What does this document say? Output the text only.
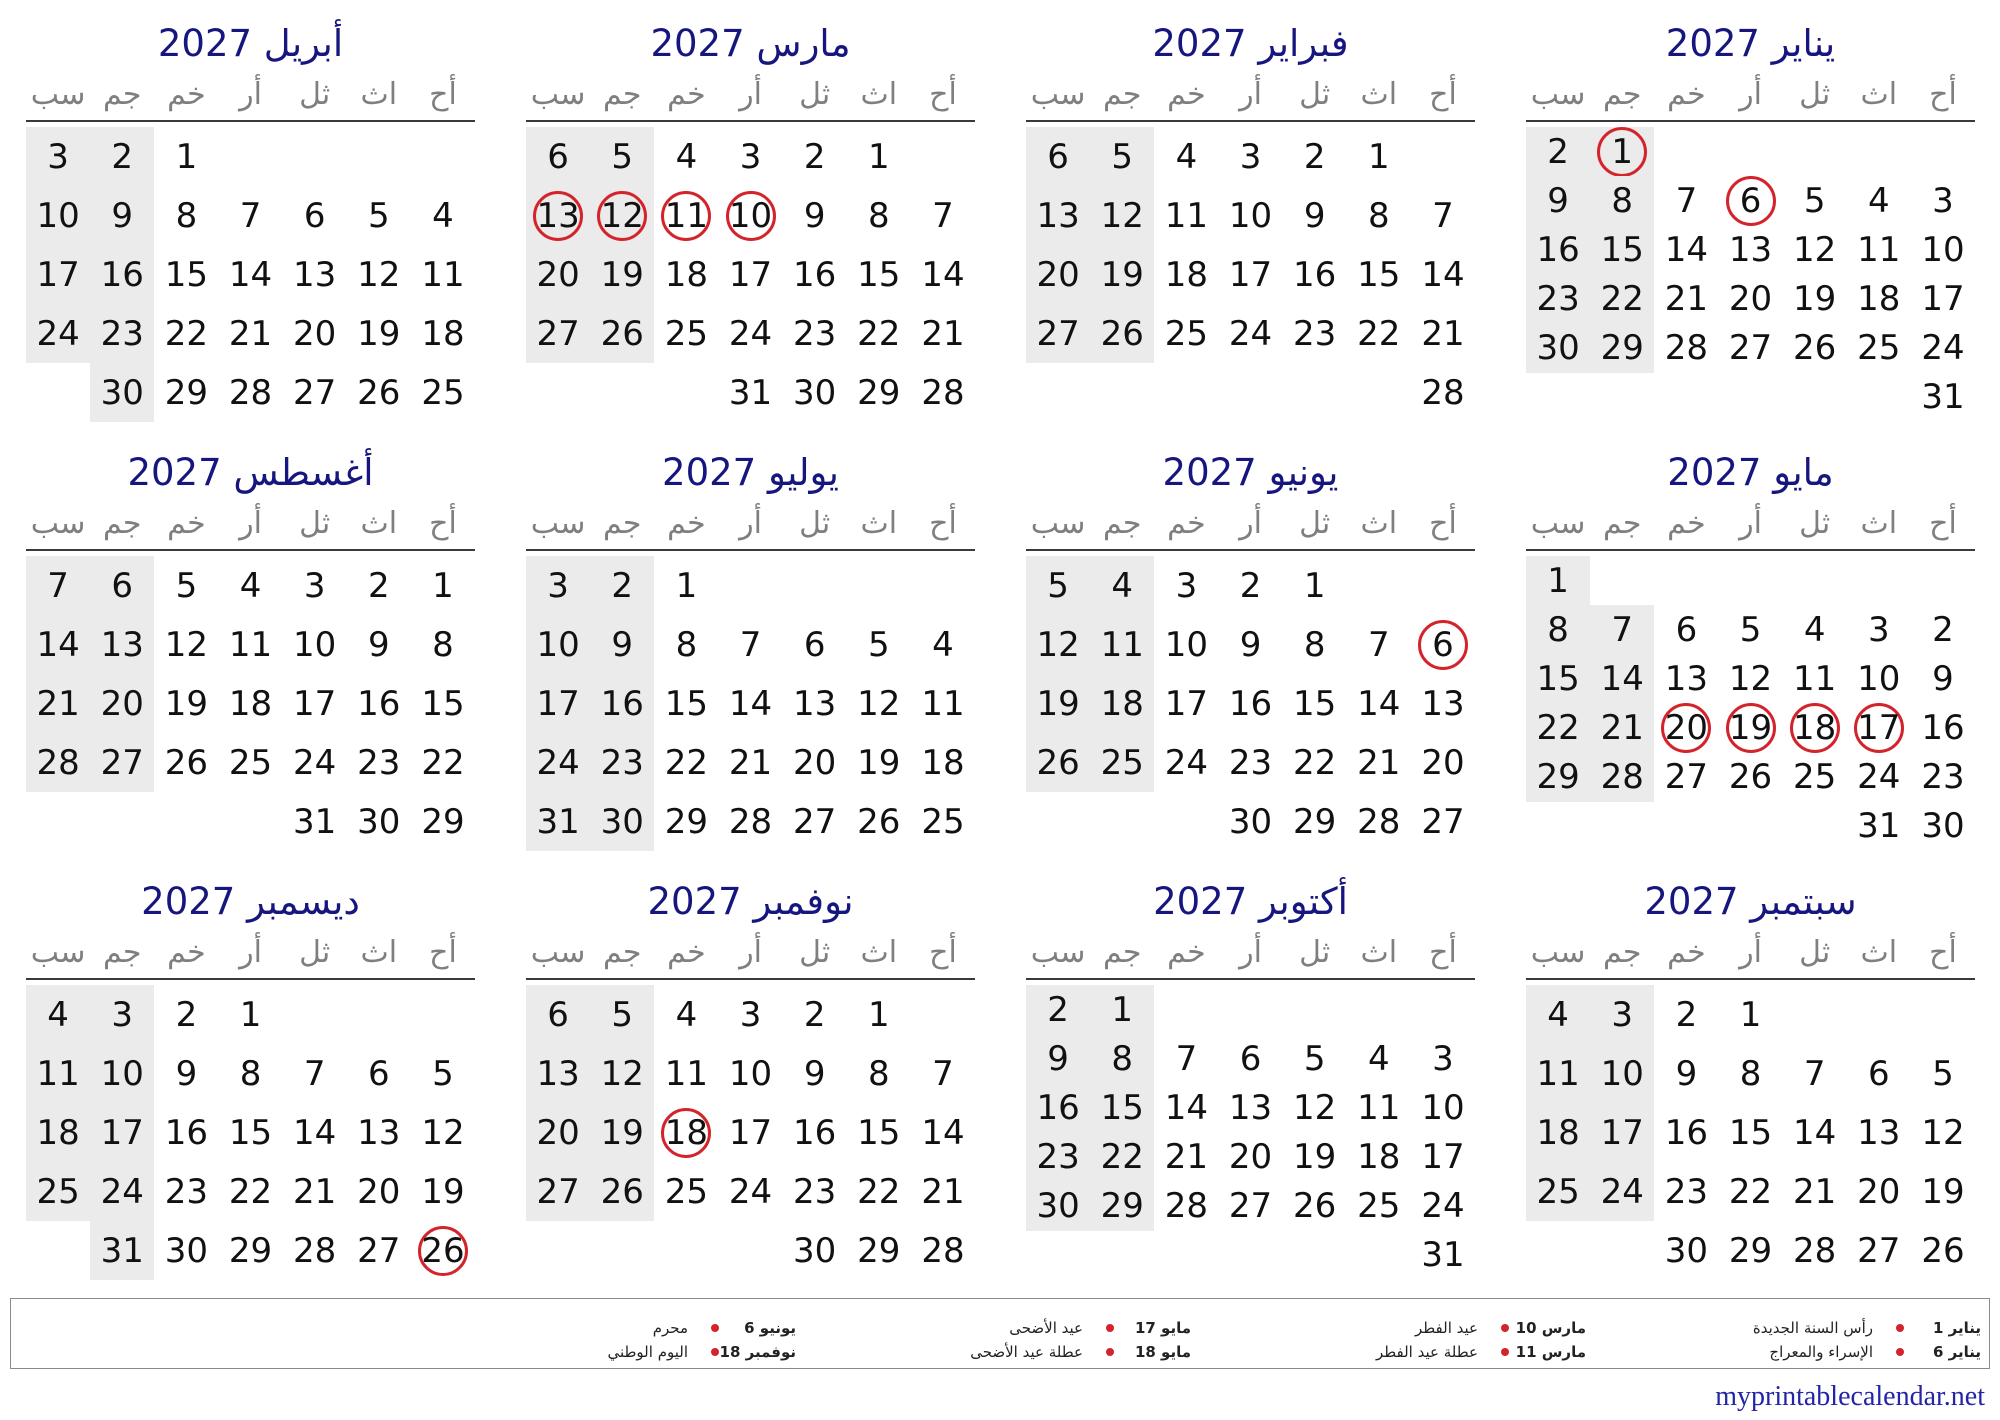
يناير 2027
أح
اث
ثل
أر
خم
جم
سب
1
2
3
4
5
6
7
8
9
10
11
12
13
14
15
16
17
18
19
20
21
22
23
24
25
26
27
28
29
30
31
فبراير 2027
أح
اث
ثل
أر
خم
جم
سب
1
2
3
4
5
6
7
8
9
10
11
12
13
14
15
16
17
18
19
20
21
22
23
24
25
26
27
28
مارس 2027
أح
اث
ثل
أر
خم
جم
سب
1
2
3
4
5
6
7
8
9
10
11
12
13
14
15
16
17
18
19
20
21
22
23
24
25
26
27
28
29
30
31
أبريل 2027
أح
اث
ثل
أر
خم
جم
سب
1
2
3
4
5
6
7
8
9
10
11
12
13
14
15
16
17
18
19
20
21
22
23
24
25
26
27
28
29
30
مايو 2027
أح
اث
ثل
أر
خم
جم
سب
1
2
3
4
5
6
7
8
9
10
11
12
13
14
15
16
17
18
19
20
21
22
23
24
25
26
27
28
29
30
31
يونيو 2027
أح
اث
ثل
أر
خم
جم
سب
1
2
3
4
5
6
7
8
9
10
11
12
13
14
15
16
17
18
19
20
21
22
23
24
25
26
27
28
29
30
يوليو 2027
أح
اث
ثل
أر
خم
جم
سب
1
2
3
4
5
6
7
8
9
10
11
12
13
14
15
16
17
18
19
20
21
22
23
24
25
26
27
28
29
30
31
أغسطس 2027
أح
اث
ثل
أر
خم
جم
سب
1
2
3
4
5
6
7
8
9
10
11
12
13
14
15
16
17
18
19
20
21
22
23
24
25
26
27
28
29
30
31
سبتمبر 2027
أح
اث
ثل
أر
خم
جم
سب
1
2
3
4
5
6
7
8
9
10
11
12
13
14
15
16
17
18
19
20
21
22
23
24
25
26
27
28
29
30
أكتوبر 2027
أح
اث
ثل
أر
خم
جم
سب
1
2
3
4
5
6
7
8
9
10
11
12
13
14
15
16
17
18
19
20
21
22
23
24
25
26
27
28
29
30
31
نوفمبر 2027
أح
اث
ثل
أر
خم
جم
سب
1
2
3
4
5
6
7
8
9
10
11
12
13
14
15
16
17
18
19
20
21
22
23
24
25
26
27
28
29
30
ديسمبر 2027
أح
اث
ثل
أر
خم
جم
سب
1
2
3
4
5
6
7
8
9
10
11
12
13
14
15
16
17
18
19
20
21
22
23
24
25
26
27
28
29
30
31
يناير 1
رأس السنة الجديدة
يناير 6
الإسراء والمعراج
مارس 10
عيد الفطر
مارس 11
عطلة عيد الفطر
مايو 17
عيد الأضحى
مايو 18
عطلة عيد الأضحى
يونيو 6
محرم
نوفمبر 18
اليوم الوطني
myprintablecalendar.net
